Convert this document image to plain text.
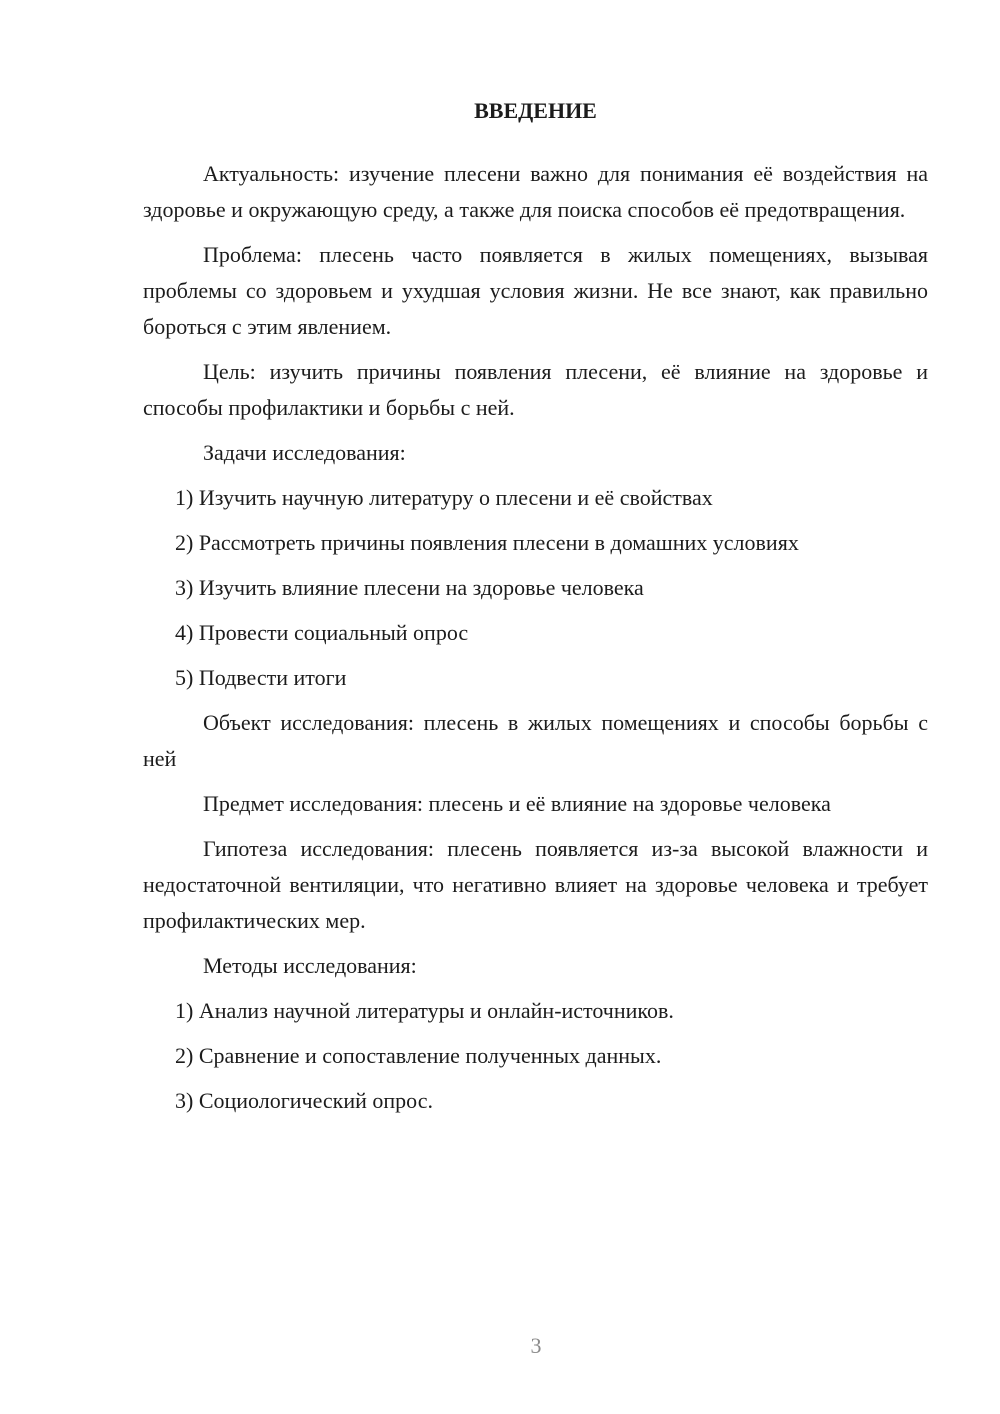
ВВЕДЕНИЕ

Актуальность: изучение плесени важно для понимания её воздействия на здоровье и окружающую среду, а также для поиска способов её предотвращения.

Проблема: плесень часто появляется в жилых помещениях, вызывая проблемы со здоровьем и ухудшая условия жизни. Не все знают, как правильно бороться с этим явлением.

Цель: изучить причины появления плесени, её влияние на здоровье и способы профилактики и борьбы с ней.

Задачи исследования:

1) Изучить научную литературу о плесени и её свойствах
2) Рассмотреть причины появления плесени в домашних условиях
3) Изучить влияние плесени на здоровье человека
4) Провести социальный опрос
5) Подвести итоги

Объект исследования: плесень в жилых помещениях и способы борьбы с ней

Предмет исследования: плесень и её влияние на здоровье человека

Гипотеза исследования: плесень появляется из-за высокой влажности и недостаточной вентиляции, что негативно влияет на здоровье человека и требует профилактических мер.

Методы исследования:

1) Анализ научной литературы и онлайн-источников.
2) Сравнение и сопоставление полученных данных.
3) Социологический опрос.
3
